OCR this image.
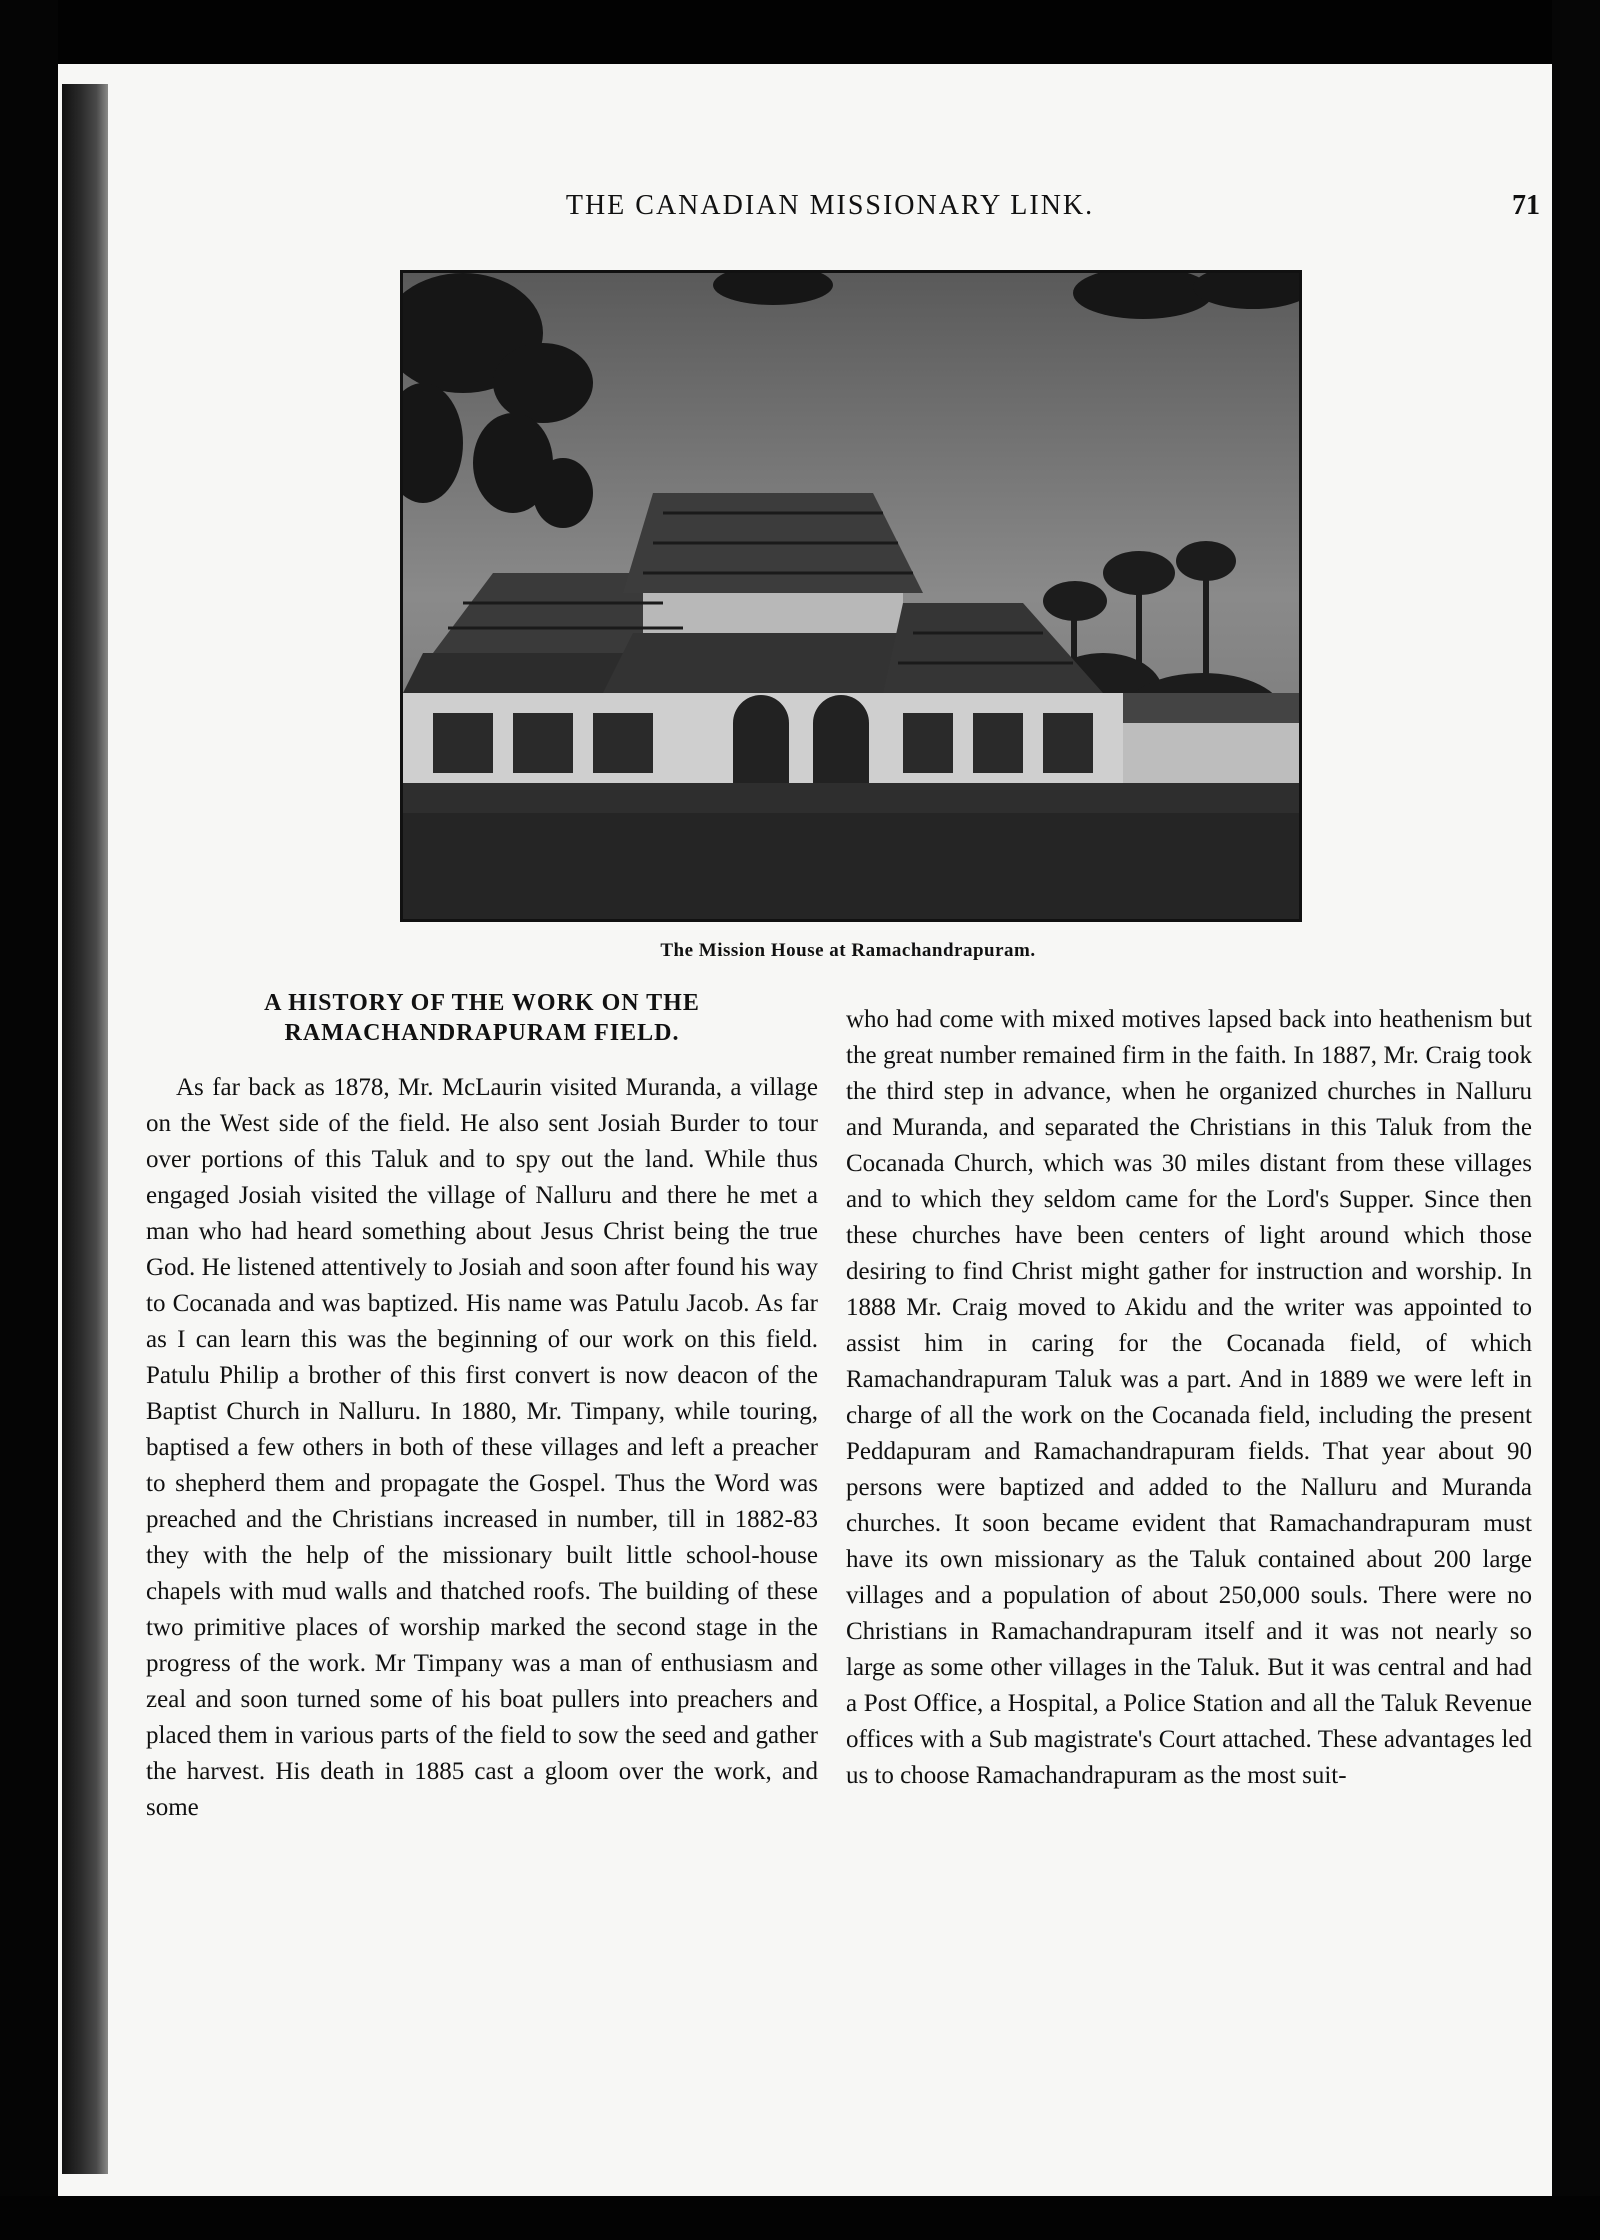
THE CANADIAN MISSIONARY LINK.	71
The Mission House at Ramachandrapuram.
A HISTORY OF THE WORK ON THE RAMACHANDRAPURAM FIELD.

As far back as 1878, Mr. McLaurin visited Muranda, a village on the West side of the field. He also sent Josiah Burder to tour over portions of this Taluk and to spy out the land. While thus engaged Josiah visited the village of Nalluru and there he met a man who had heard something about Jesus Christ being the true God. He listened attentively to Josiah and soon after found his way to Cocanada and was baptized. His name was Patulu Jacob. As far as I can learn this was the beginning of our work on this field. Patulu Philip a brother of this first convert is now deacon of the Baptist Church in Nalluru. In 1880, Mr. Timpany, while touring, baptised a few others in both of these villages and left a preacher to shepherd them and propagate the Gospel. Thus the Word was preached and the Christians increased in number, till in 1882-83 they with the help of the missionary built little school-house chapels with mud walls and thatched roofs. The building of these two primitive places of worship marked the second stage in the progress of the work. Mr Timpany was a man of enthusiasm and zeal and soon turned some of his boat pullers into preachers and placed them in various parts of the field to sow the seed and gather the harvest. His death in 1885 cast a gloom over the work, and some

who had come with mixed motives lapsed back into heathenism but the great number remained firm in the faith. In 1887, Mr. Craig took the third step in advance, when he organized churches in Nalluru and Muranda, and separated the Christians in this Taluk from the Cocanada Church, which was 30 miles distant from these villages and to which they seldom came for the Lord's Supper. Since then these churches have been centers of light around which those desiring to find Christ might gather for instruction and worship. In 1888 Mr. Craig moved to Akidu and the writer was appointed to assist him in caring for the Cocanada field, of which Ramachandrapuram Taluk was a part. And in 1889 we were left in charge of all the work on the Cocanada field, including the present Peddapuram and Ramachandrapuram fields. That year about 90 persons were baptized and added to the Nalluru and Muranda churches. It soon became evident that Ramachandrapuram must have its own missionary as the Taluk contained about 200 large villages and a population of about 250,000 souls. There were no Christians in Ramachandrapuram itself and it was not nearly so large as some other villages in the Taluk. But it was central and had a Post Office, a Hospital, a Police Station and all the Taluk Revenue offices with a Sub magistrate's Court attached. These advantages led us to choose Ramachandrapuram as the most suit-
